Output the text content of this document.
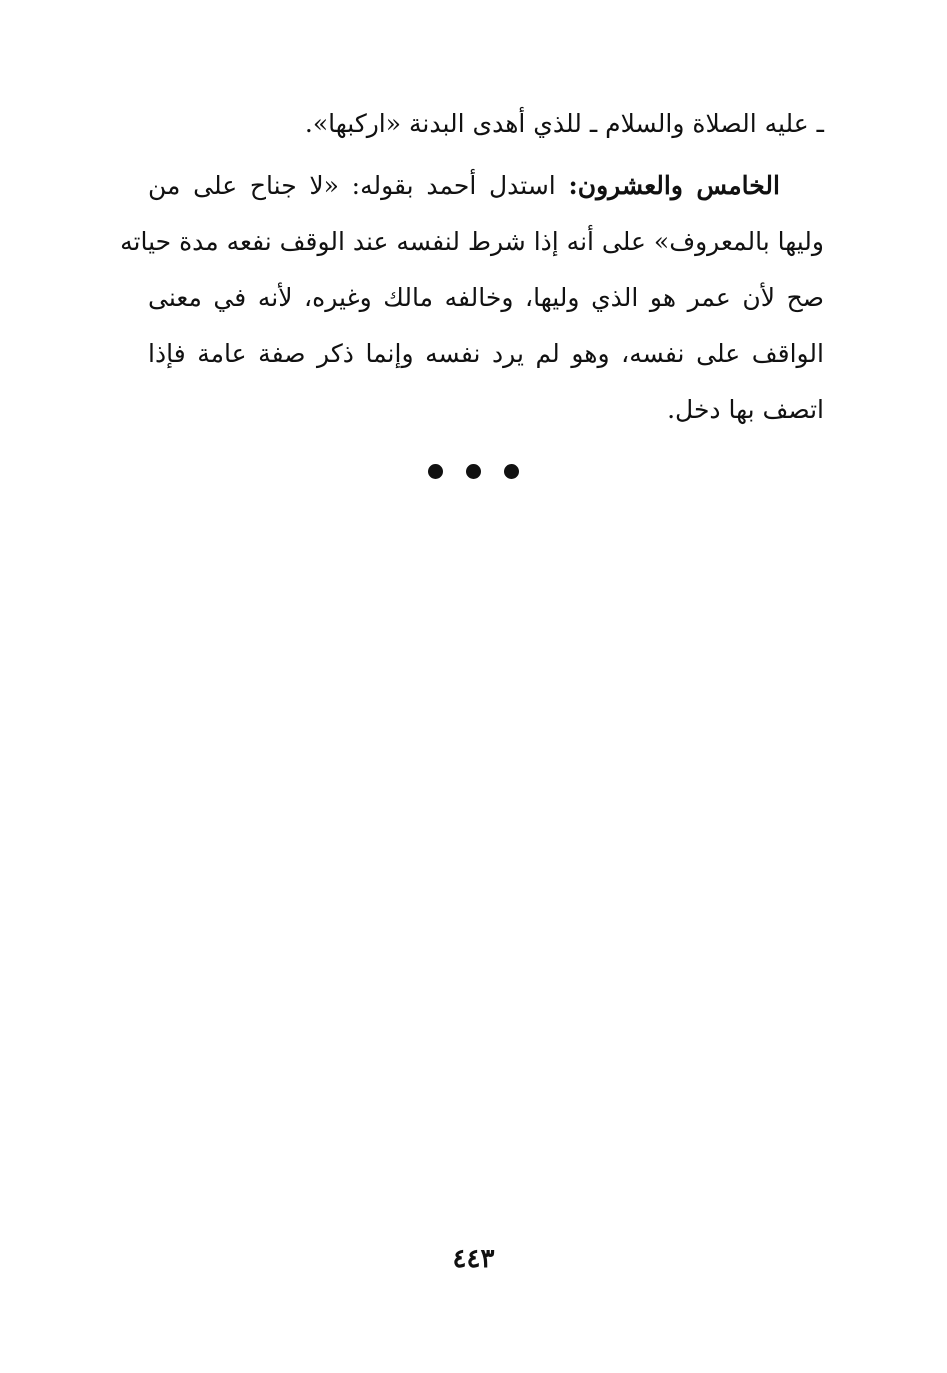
ـ عليه الصلاة والسلام ـ للذي أهدى البدنة «اركبها».
الخامس والعشرون: استدل أحمد بقوله: «لا جناح على من
وليها بالمعروف» على أنه إذا شرط لنفسه عند الوقف نفعه مدة حياته
صح لأن عمر هو الذي وليها، وخالفه مالك وغيره، لأنه في معنى
الواقف على نفسه، وهو لم يرد نفسه وإنما ذكر صفة عامة فإذا
اتصف بها دخل.

٤٤٣
